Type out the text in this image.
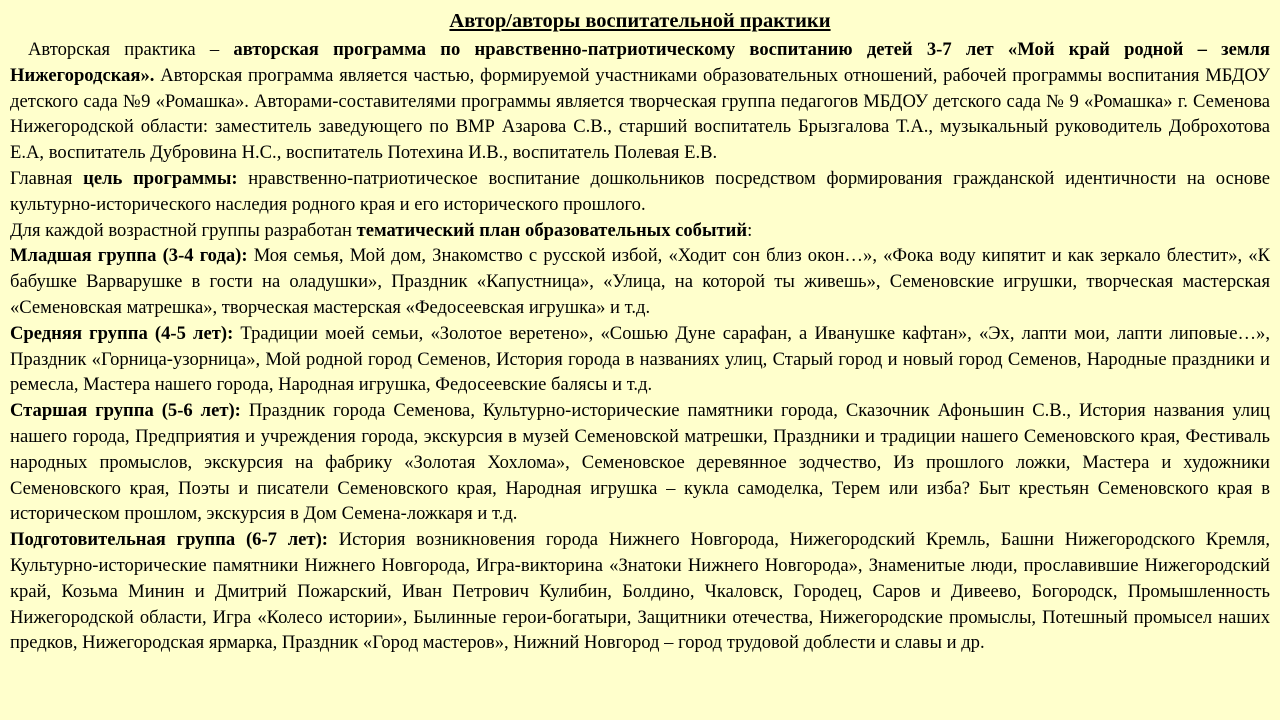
Автор/авторы воспитательной практики

Авторская практика – авторская программа по нравственно-патриотическому воспитанию детей 3-7 лет «Мой край родной – земля Нижегородская». Авторская программа является частью, формируемой участниками образовательных отношений, рабочей программы воспитания МБДОУ детского сада №9 «Ромашка». Авторами-составителями программы является творческая группа педагогов МБДОУ детского сада № 9 «Ромашка» г. Семенова Нижегородской области: заместитель заведующего по ВМР Азарова С.В., старший воспитатель Брызгалова Т.А., музыкальный руководитель Доброхотова Е.А, воспитатель Дубровина Н.С., воспитатель Потехина И.В., воспитатель Полевая Е.В.

Главная цель программы: нравственно-патриотическое воспитание дошкольников посредством формирования гражданской идентичности на основе культурно-исторического наследия родного края и его исторического прошлого.

Для каждой возрастной группы разработан тематический план образовательных событий:

Младшая группа (3-4 года): Моя семья, Мой дом, Знакомство с русской избой, «Ходит сон близ окон…», «Фока воду кипятит и как зеркало блестит», «К бабушке Варварушке в гости на оладушки», Праздник «Капустница», «Улица, на которой ты живешь», Семеновские игрушки, творческая мастерская «Семеновская матрешка», творческая мастерская «Федосеевская игрушка» и т.д.

Средняя группа (4-5 лет): Традиции моей семьи, «Золотое веретено», «Сошью Дуне сарафан, а Иванушке кафтан», «Эх, лапти мои, лапти липовые…», Праздник «Горница-узорница», Мой родной город Семенов, История города в названиях улиц, Старый город и новый город Семенов, Народные праздники и ремесла, Мастера нашего города, Народная игрушка, Федосеевские балясы и т.д.

Старшая группа (5-6 лет): Праздник города Семенова, Культурно-исторические памятники города, Сказочник Афоньшин С.В., История названия улиц нашего города, Предприятия и учреждения города, экскурсия в музей Семеновской матрешки, Праздники и традиции нашего Семеновского края, Фестиваль народных промыслов, экскурсия на фабрику «Золотая Хохлома», Семеновское деревянное зодчество, Из прошлого ложки, Мастера и художники Семеновского края, Поэты и писатели Семеновского края, Народная игрушка – кукла самоделка, Терем или изба? Быт крестьян Семеновского края в историческом прошлом, экскурсия в Дом Семена-ложкаря и т.д.

Подготовительная группа (6-7 лет): История возникновения города Нижнего Новгорода, Нижегородский Кремль, Башни Нижегородского Кремля, Культурно-исторические памятники Нижнего Новгорода, Игра-викторина «Знатоки Нижнего Новгорода», Знаменитые люди, прославившие Нижегородский край, Козьма Минин и Дмитрий Пожарский, Иван Петрович Кулибин, Болдино, Чкаловск, Городец, Саров и Дивеево, Богородск, Промышленность Нижегородской области, Игра «Колесо истории», Былинные герои-богатыри, Защитники отечества, Нижегородские промыслы, Потешный промысел наших предков, Нижегородская ярмарка, Праздник «Город мастеров», Нижний Новгород – город трудовой доблести и славы и др.
